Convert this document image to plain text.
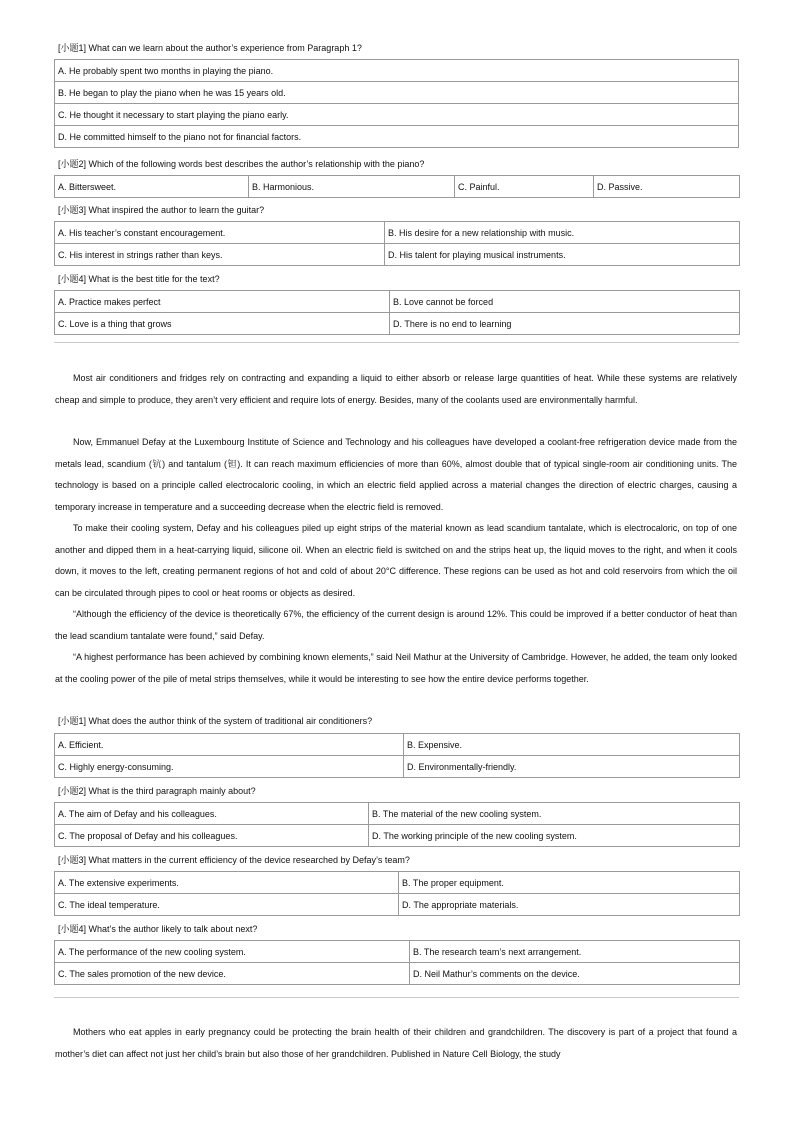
[小题1] What can we learn about the author’s experience from Paragraph 1?
A. He probably spent two months in playing the piano.
B. He began to play the piano when he was 15 years old.
C. He thought it necessary to start playing the piano early.
D. He committed himself to the piano not for financial factors.
[小题2] Which of the following words best describes the author’s relationship with the piano?
A. Bittersweet.	B. Harmonious.	C. Painful.	D. Passive.
[小题3] What inspired the author to learn the guitar?
A. His teacher’s constant encouragement.	B. His desire for a new relationship with music.
C. His interest in strings rather than keys.	D. His talent for playing musical instruments.
[小题4] What is the best title for the text?
A. Practice makes perfect	B. Love cannot be forced
C. Love is a thing that grows	D. There is no end to learning

Most air conditioners and fridges rely on contracting and expanding a liquid to either absorb or release large quantities of heat. While these systems are relatively cheap and simple to produce, they aren’t very efficient and require lots of energy. Besides, many of the coolants used are environmentally harmful.

Now, Emmanuel Defay at the Luxembourg Institute of Science and Technology and his colleagues have developed a coolant-free refrigeration device made from the metals lead, scandium (钪) and tantalum (钽). It can reach maximum efficiencies of more than 60%, almost double that of typical single-room air conditioning units. The technology is based on a principle called electrocaloric cooling, in which an electric field applied across a material changes the direction of electric charges, causing a temporary increase in temperature and a succeeding decrease when the electric field is removed.

To make their cooling system, Defay and his colleagues piled up eight strips of the material known as lead scandium tantalate, which is electrocaloric, on top of one another and dipped them in a heat-carrying liquid, silicone oil. When an electric field is switched on and the strips heat up, the liquid moves to the right, and when it cools down, it moves to the left, creating permanent regions of hot and cold of about 20°C difference. These regions can be used as hot and cold reservoirs from which the oil can be circulated through pipes to cool or heat rooms or objects as desired.

“Although the efficiency of the device is theoretically 67%, the efficiency of the current design is around 12%. This could be improved if a better conductor of heat than the lead scandium tantalate were found,” said Defay.

“A highest performance has been achieved by combining known elements,” said Neil Mathur at the University of Cambridge. However, he added, the team only looked at the cooling power of the pile of metal strips themselves, while it would be interesting to see how the entire device performs together.

[小题1] What does the author think of the system of traditional air conditioners?
A. Efficient.	B. Expensive.
C. Highly energy-consuming.	D. Environmentally-friendly.
[小题2] What is the third paragraph mainly about?
A. The aim of Defay and his colleagues.	B. The material of the new cooling system.
C. The proposal of Defay and his colleagues.	D. The working principle of the new cooling system.
[小题3] What matters in the current efficiency of the device researched by Defay’s team?
A. The extensive experiments.	B. The proper equipment.
C. The ideal temperature.	D. The appropriate materials.
[小题4] What’s the author likely to talk about next?
A. The performance of the new cooling system.	B. The research team’s next arrangement.
C. The sales promotion of the new device.	D. Neil Mathur’s comments on the device.

Mothers who eat apples in early pregnancy could be protecting the brain health of their children and grandchildren. The discovery is part of a project that found a mother’s diet can affect not just her child’s brain but also those of her grandchildren. Published in Nature Cell Biology, the study
